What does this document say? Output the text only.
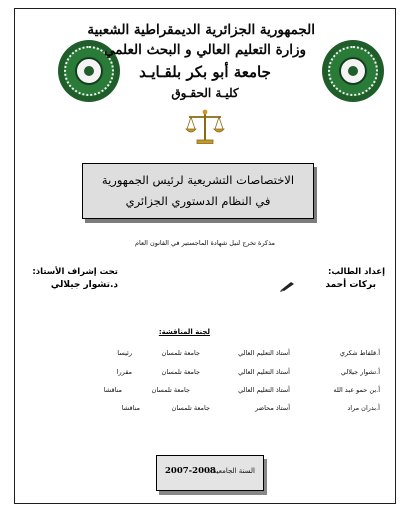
الجمهورية الجزائرية الديمقراطية الشعبية
وزارة التعليم العالي و البحث العلمي
جامعة أبو بكر بلقـايـد
كليـة الحقـوق
الاختصاصات التشريعية لرئيس الجمهورية
في النظام الدستوري الجزائري
مذكرة تخرج لنيل شهادة الماجستير في القانون العام
إعداد الطالب:
بركات أحمد
تحت إشراف الأستاذ:
د.تشوار جيلالي
لجنة المناقشة:
أ.قلفاط شكري
أستاذ التعليم العالي
جامعة تلمسان
رئيسا
أ.تشوار جيلالي
أستاذ التعليم العالي
جامعة تلمسان
مقررا
أ.بن حمو عبد الله
أستاذ التعليم العالي
جامعة تلمسان
مناقشا
أ.بدران مراد
أستاذ محاضر
جامعة تلمسان
مناقشا
السنة الجامعية :
2007-2008
